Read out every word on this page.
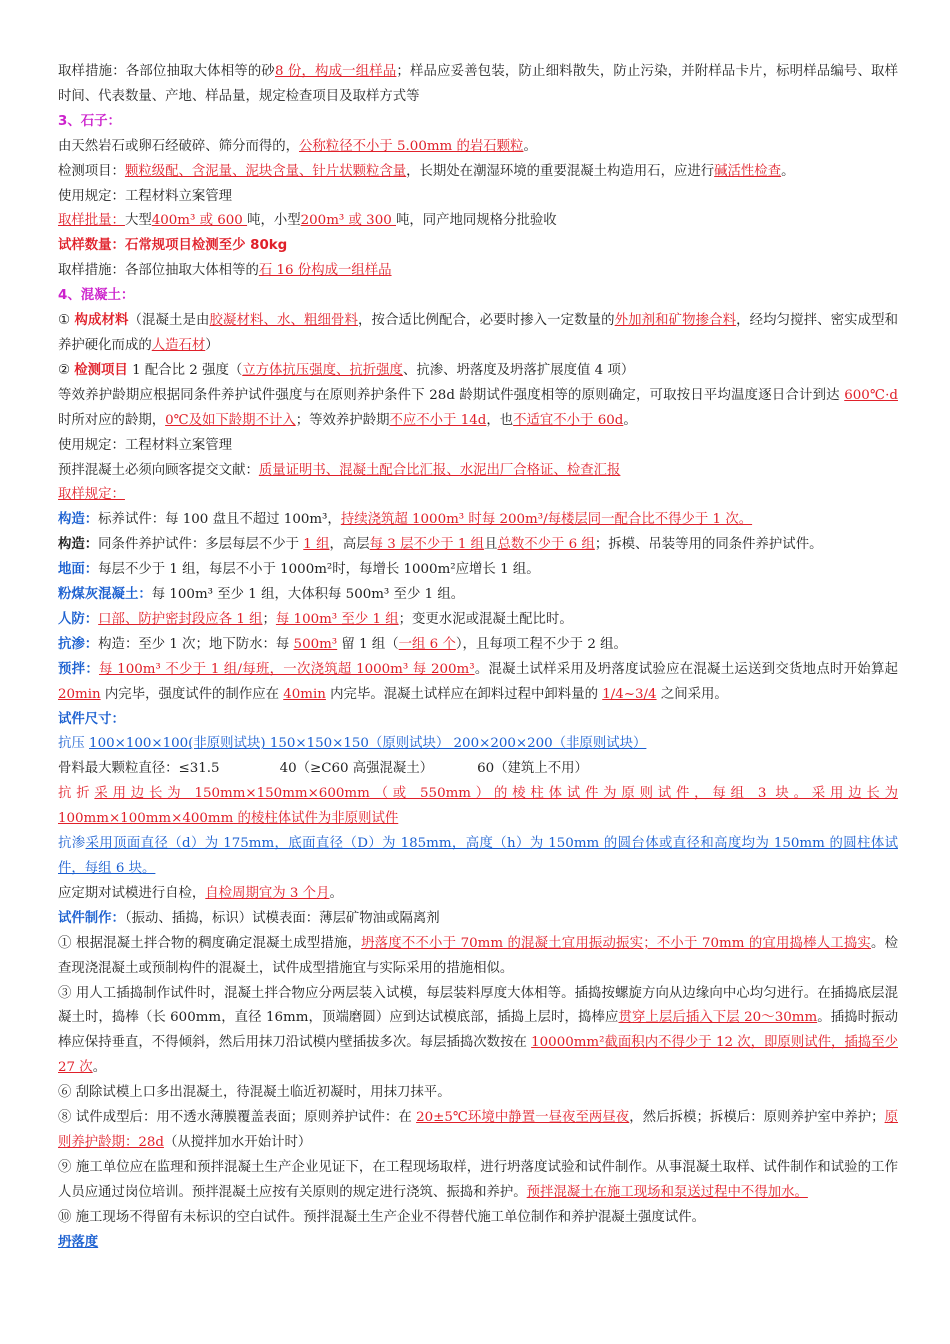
取样措施：各部位抽取大体相等的砂8 份，构成一组样品；样品应妥善包装，防止细料散失，防止污染，并附样品卡片，标明样品编号、取样时间、代表数量、产地、样品量，规定检查项目及取样方式等

3、石子：

由天然岩石或卵石经破碎、筛分而得的，公称粒径不小于 5.00mm 的岩石颗粒。

检测项目：颗粒级配、含泥量、泥块含量、针片状颗粒含量，长期处在潮湿环境的重要混凝土构造用石，应进行碱活性检查。

使用规定：工程材料立案管理

取样批量：大型400m³ 或 600 吨，小型200m³ 或 300 吨，同产地同规格分批验收

试样数量：石常规项目检测至少 80kg

取样措施：各部位抽取大体相等的石 16 份构成一组样品

4、混凝土：

① 构成材料（混凝土是由胶凝材料、水、粗细骨料，按合适比例配合，必要时掺入一定数量的外加剂和矿物掺合料，经均匀搅拌、密实成型和养护硬化而成的人造石材）

② 检测项目 1 配合比 2 强度（立方体抗压强度、抗折强度、抗渗、坍落度及坍落扩展度值 4 项）

等效养护龄期应根据同条件养护试件强度与在原则养护条件下 28d 龄期试件强度相等的原则确定，可取按日平均温度逐日合计到达 600℃·d 时所对应的龄期，0℃及如下龄期不计入；等效养护龄期不应不小于 14d，也不适宜不小于 60d。

使用规定：工程材料立案管理

预拌混凝土必须向顾客提交文献：质量证明书、混凝土配合比汇报、水泥出厂合格证、检查汇报

取样规定：

构造：标养试件：每 100 盘且不超过 100m³，持续浇筑超 1000m³ 时每 200m³/每楼层同一配合比不得少于 1 次。

构造：同条件养护试件：多层每层不少于 1 组，高层每 3 层不少于 1 组且总数不少于 6 组；拆模、吊装等用的同条件养护试件。

地面：每层不少于 1 组，每层不小于 1000m²时，每增长 1000m²应增长 1 组。

粉煤灰混凝土：每 100m³ 至少 1 组，大体积每 500m³ 至少 1 组。

人防：口部、防护密封段应各 1 组；每 100m³ 至少 1 组；变更水泥或混凝土配比时。

抗渗：构造：至少 1 次；地下防水：每 500m³ 留 1 组（一组 6 个），且每项工程不少于 2 组。

预拌：每 100m³ 不少于 1 组/每班，一次浇筑超 1000m³ 每 200m³。混凝土试样采用及坍落度试验应在混凝土运送到交货地点时开始算起 20min 内完毕，强度试件的制作应在 40min 内完毕。混凝土试样应在卸料过程中卸料量的 1/4~3/4 之间采用。

试件尺寸：

抗压 100×100×100(非原则试块) 150×150×150（原则试块） 200×200×200（非原则试块）

骨料最大颗粒直径：≤31.5	40（≥C60 高强混凝土）	60（建筑上不用）

抗折采用边长为 150mm×150mm×600mm（或 550mm）的棱柱体试件为原则试件，每组 3 块。采用边长为 100mm×100mm×400mm 的棱柱体试件为非原则试件

抗渗采用顶面直径（d）为 175mm，底面直径（D）为 185mm，高度（h）为 150mm 的圆台体或直径和高度均为 150mm 的圆柱体试件，每组 6 块。

应定期对试模进行自检，自检周期宜为 3 个月。

试件制作：（振动、插捣，标识）试模表面：薄层矿物油或隔离剂

① 根据混凝土拌合物的稠度确定混凝土成型措施，坍落度不不小于 70mm 的混凝土宜用振动振实；不小于 70mm 的宜用捣棒人工捣实。检查现浇混凝土或预制构件的混凝土，试件成型措施宜与实际采用的措施相似。

③ 用人工插捣制作试件时，混凝土拌合物应分两层装入试模，每层装料厚度大体相等。插捣按螺旋方向从边缘向中心均匀进行。在插捣底层混凝土时，捣棒（长 600mm，直径 16mm，顶端磨圆）应到达试模底部，插捣上层时，捣棒应贯穿上层后插入下层 20～30mm。插捣时振动棒应保持垂直，不得倾斜，然后用抹刀沿试模内壁插拔多次。每层插捣次数按在 10000mm²截面积内不得少于 12 次，即原则试件，插捣至少 27 次。

⑥ 刮除试模上口多出混凝土，待混凝土临近初凝时，用抹刀抹平。

⑧ 试件成型后：用不透水薄膜覆盖表面；原则养护试件：在 20±5℃环境中静置一昼夜至两昼夜，然后拆模；拆模后：原则养护室中养护；原则养护龄期：28d（从搅拌加水开始计时）

⑨ 施工单位应在监理和预拌混凝土生产企业见证下，在工程现场取样，进行坍落度试验和试件制作。从事混凝土取样、试件制作和试验的工作人员应通过岗位培训。预拌混凝土应按有关原则的规定进行浇筑、振捣和养护。预拌混凝土在施工现场和泵送过程中不得加水。

⑩ 施工现场不得留有未标识的空白试件。预拌混凝土生产企业不得替代施工单位制作和养护混凝土强度试件。

坍落度
